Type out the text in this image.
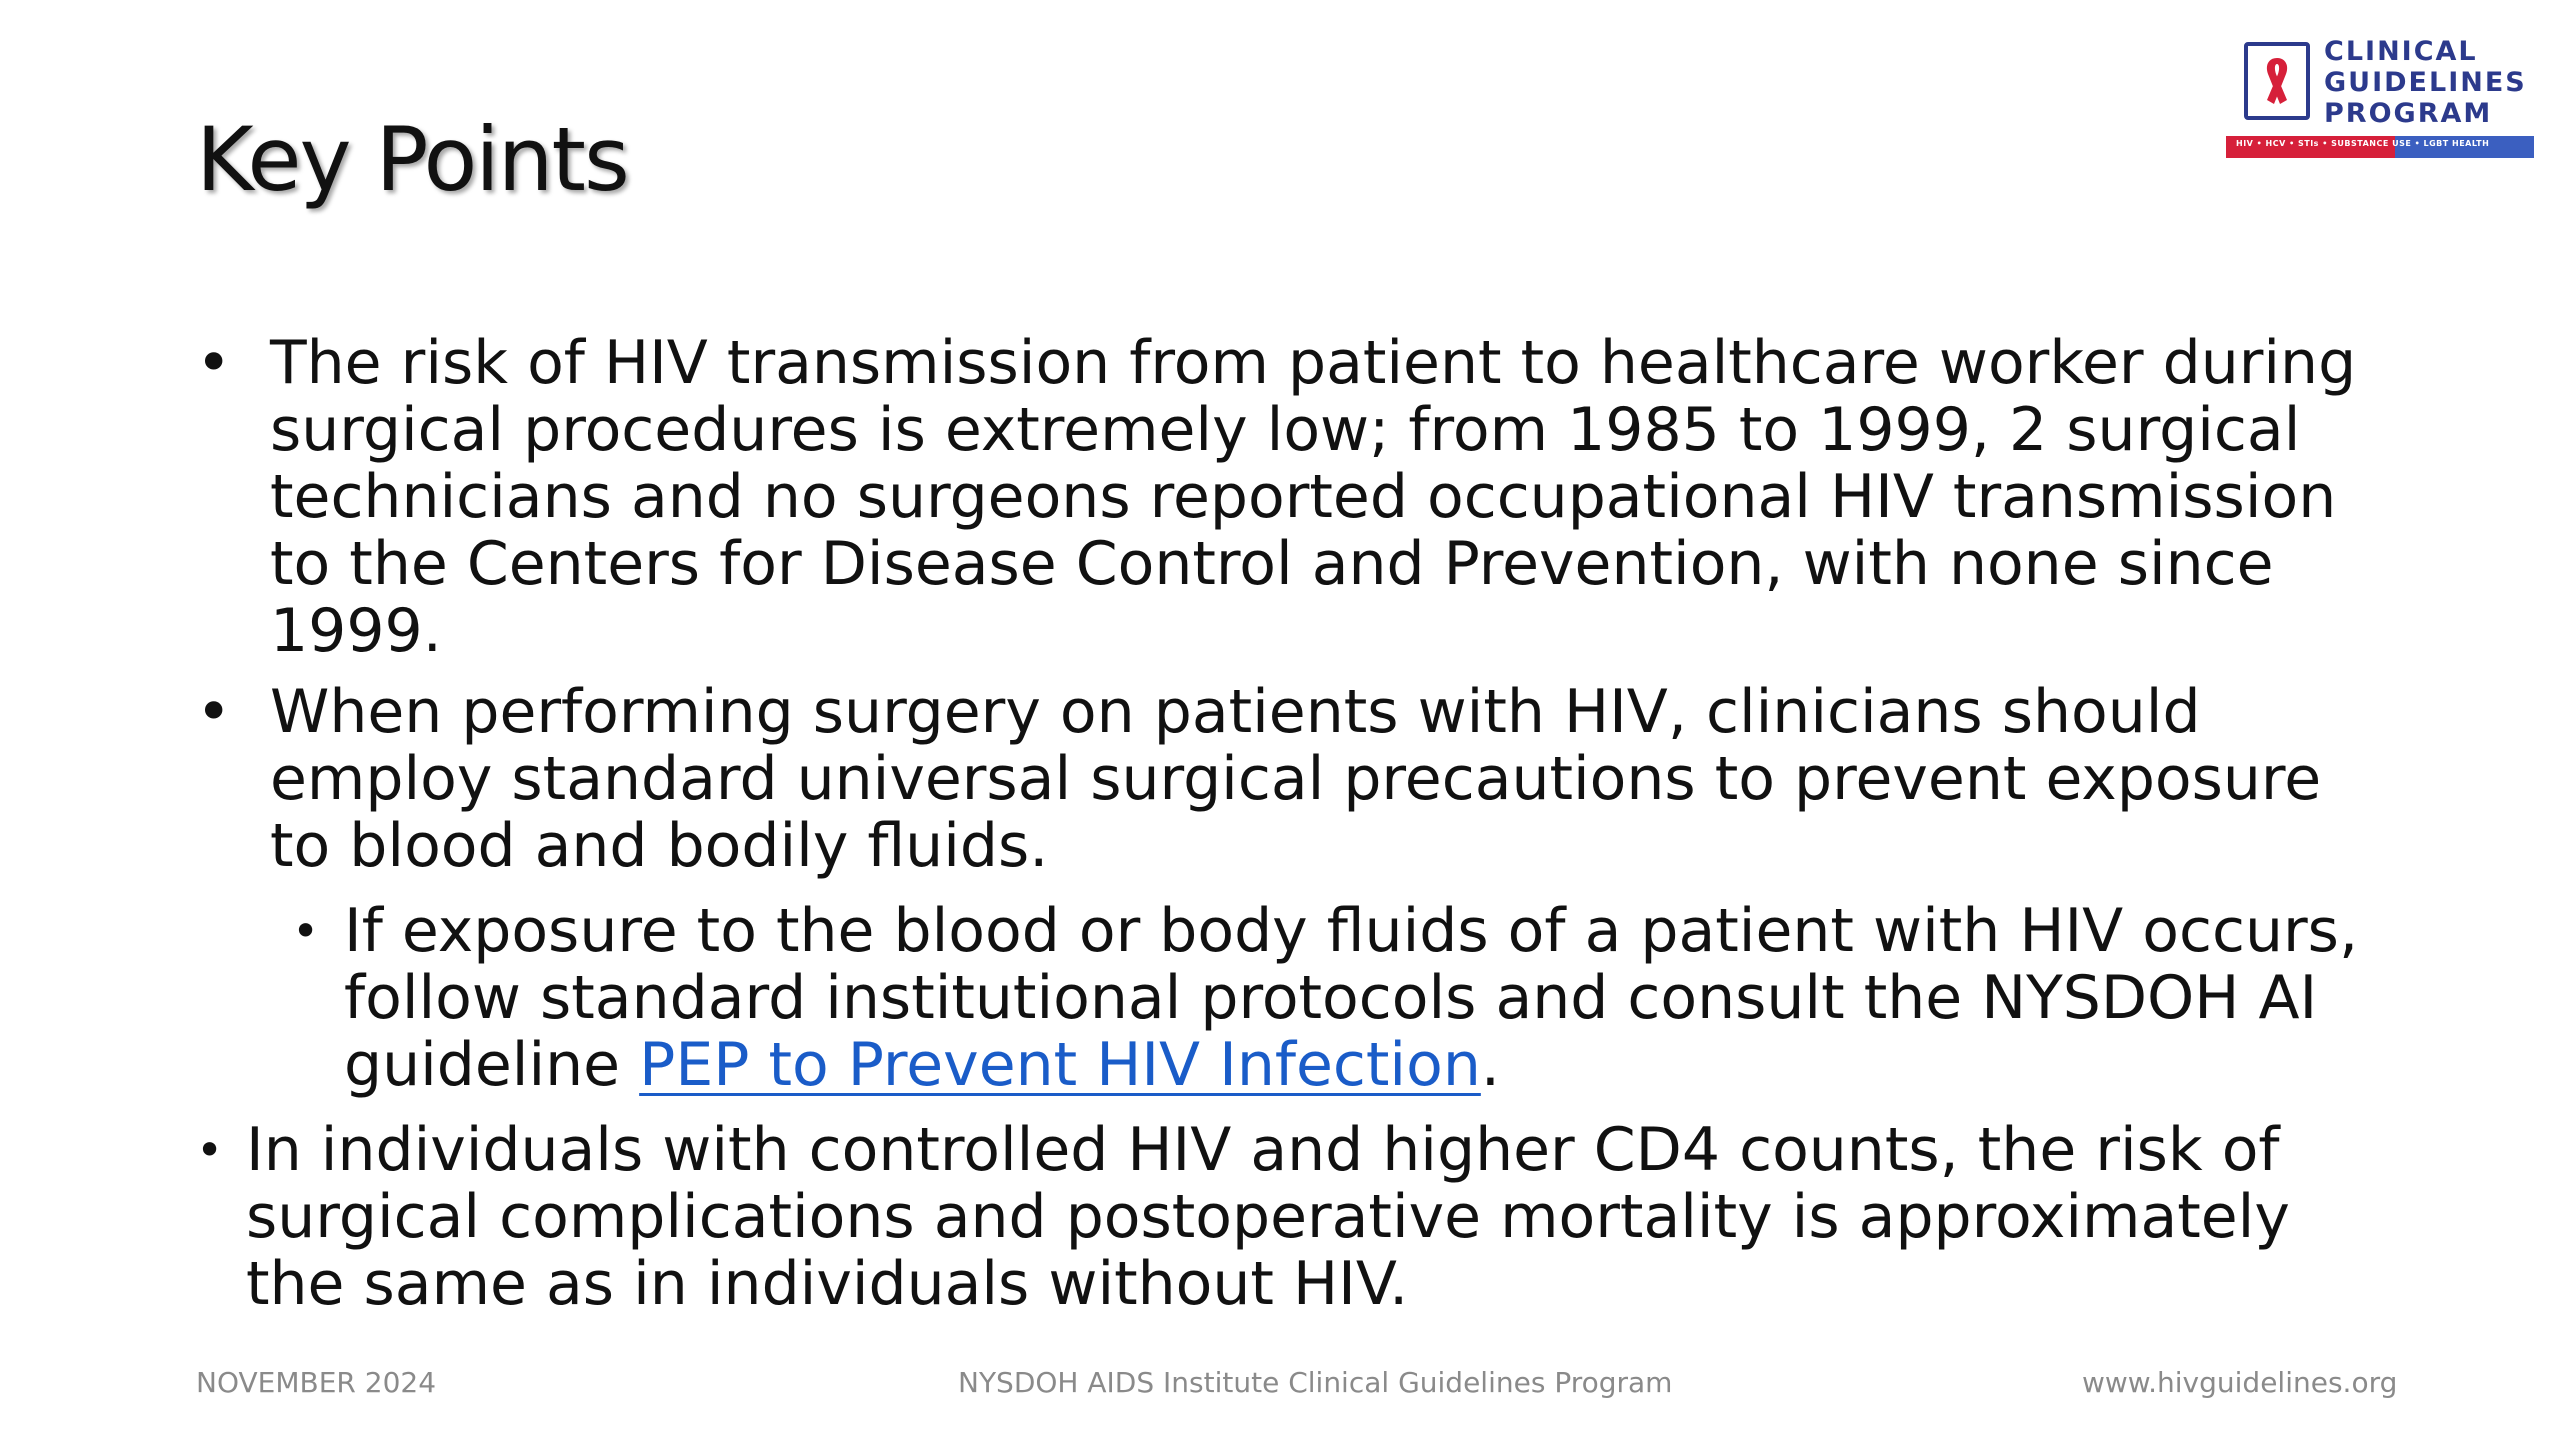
Key Points
CLINICAL
GUIDELINES
PROGRAM
HIV • HCV • STIs • SUBSTANCE USE • LGBT HEALTH

• The risk of HIV transmission from patient to healthcare worker during surgical procedures is extremely low; from 1985 to 1999, 2 surgical technicians and no surgeons reported occupational HIV transmission to the Centers for Disease Control and Prevention, with none since 1999.

• When performing surgery on patients with HIV, clinicians should employ standard universal surgical precautions to prevent exposure to blood and bodily fluids.

• If exposure to the blood or body fluids of a patient with HIV occurs, follow standard institutional protocols and consult the NYSDOH AI guideline PEP to Prevent HIV Infection.

• In individuals with controlled HIV and higher CD4 counts, the risk of surgical complications and postoperative mortality is approximately the same as in individuals without HIV.

NOVEMBER 2024	NYSDOH AIDS Institute Clinical Guidelines Program	www.hivguidelines.org
